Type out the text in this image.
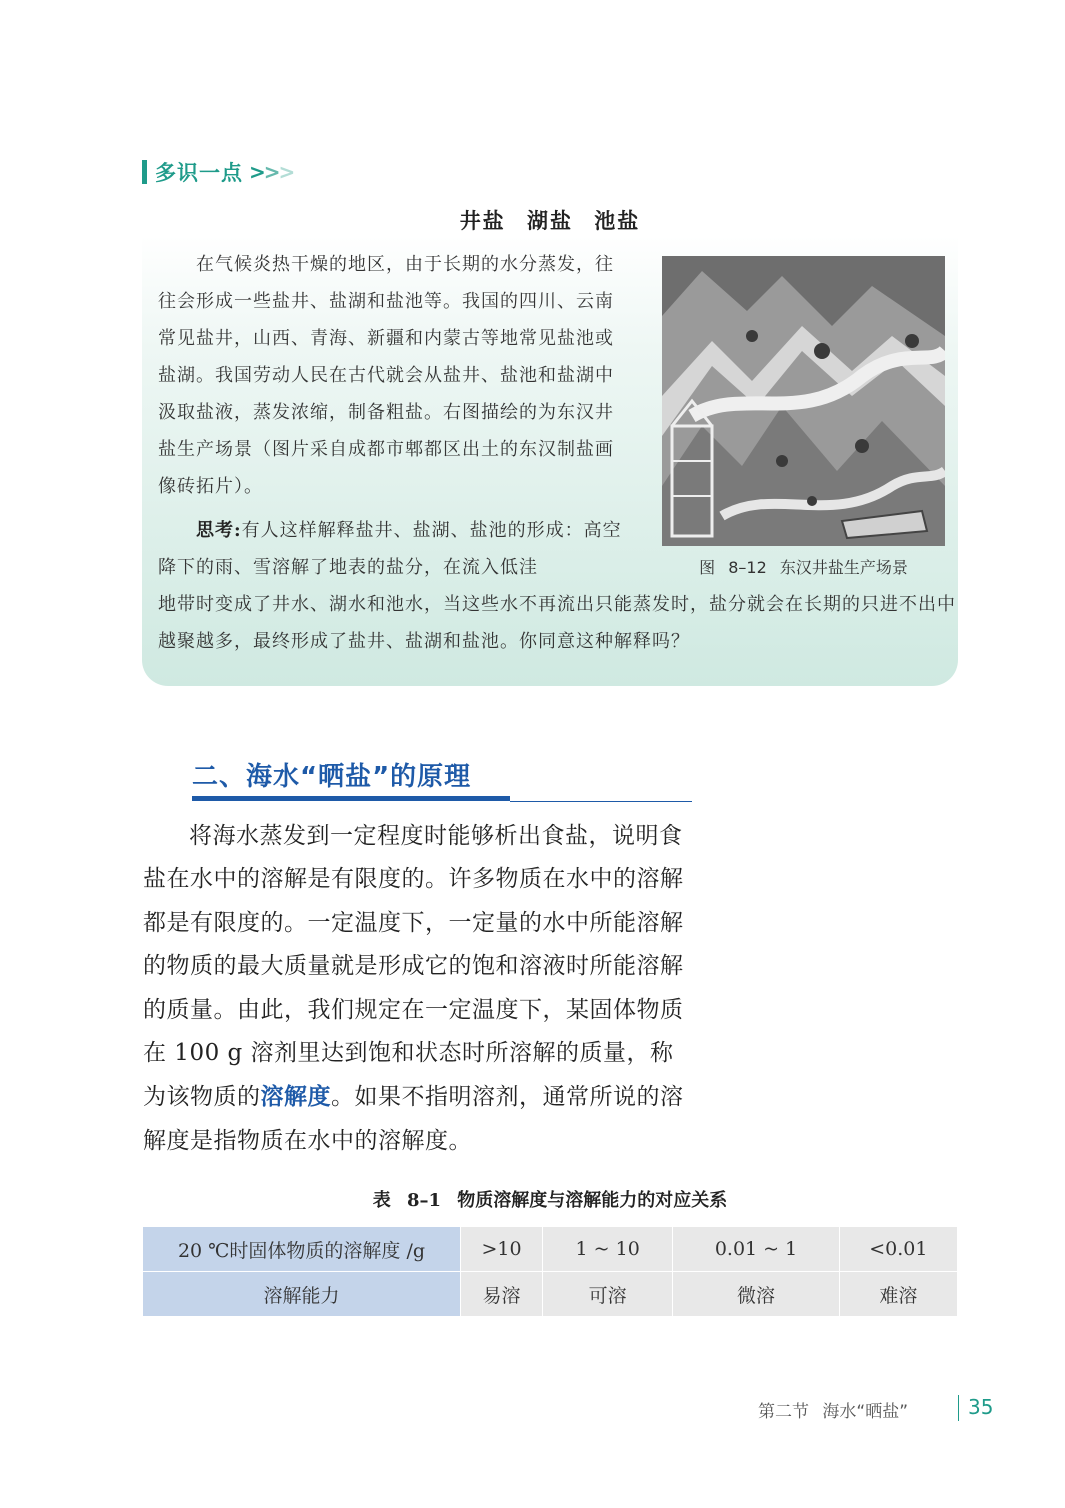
多识一点 >>>
井盐 湖盐 池盐
在气候炎热干燥的地区，由于长期的水分蒸发，往往会形成一些盐井、盐湖和盐池等。我国的四川、云南常见盐井，山西、青海、新疆和内蒙古等地常见盐池或盐湖。我国劳动人民在古代就会从盐井、盐池和盐湖中汲取盐液，蒸发浓缩，制备粗盐。右图描绘的为东汉井盐生产场景（图片采自成都市郫都区出土的东汉制盐画像砖拓片）。
思考:有人这样解释盐井、盐湖、盐池的形成：高空降下的雨、雪溶解了地表的盐分，在流入低洼
地带时变成了井水、湖水和池水，当这些水不再流出只能蒸发时，盐分就会在长期的只进不出中越聚越多，最终形成了盐井、盐湖和盐池。你同意这种解释吗？
图 8–12 东汉井盐生产场景
二、海水“晒盐”的原理
将海水蒸发到一定程度时能够析出食盐，说明食盐在水中的溶解是有限度的。许多物质在水中的溶解都是有限度的。一定温度下，一定量的水中所能溶解的物质的最大质量就是形成它的饱和溶液时所能溶解的质量。由此，我们规定在一定温度下，某固体物质在 100 g 溶剂里达到饱和状态时所溶解的质量，称为该物质的溶解度。如果不指明溶剂，通常所说的溶解度是指物质在水中的溶解度。
表 8–1 物质溶解度与溶解能力的对应关系
20 ℃时固体物质的溶解度 /g	>10	1 ~ 10	0.01 ~ 1	<0.01
溶解能力	易溶	可溶	微溶	难溶
第二节 海水“晒盐”	35
